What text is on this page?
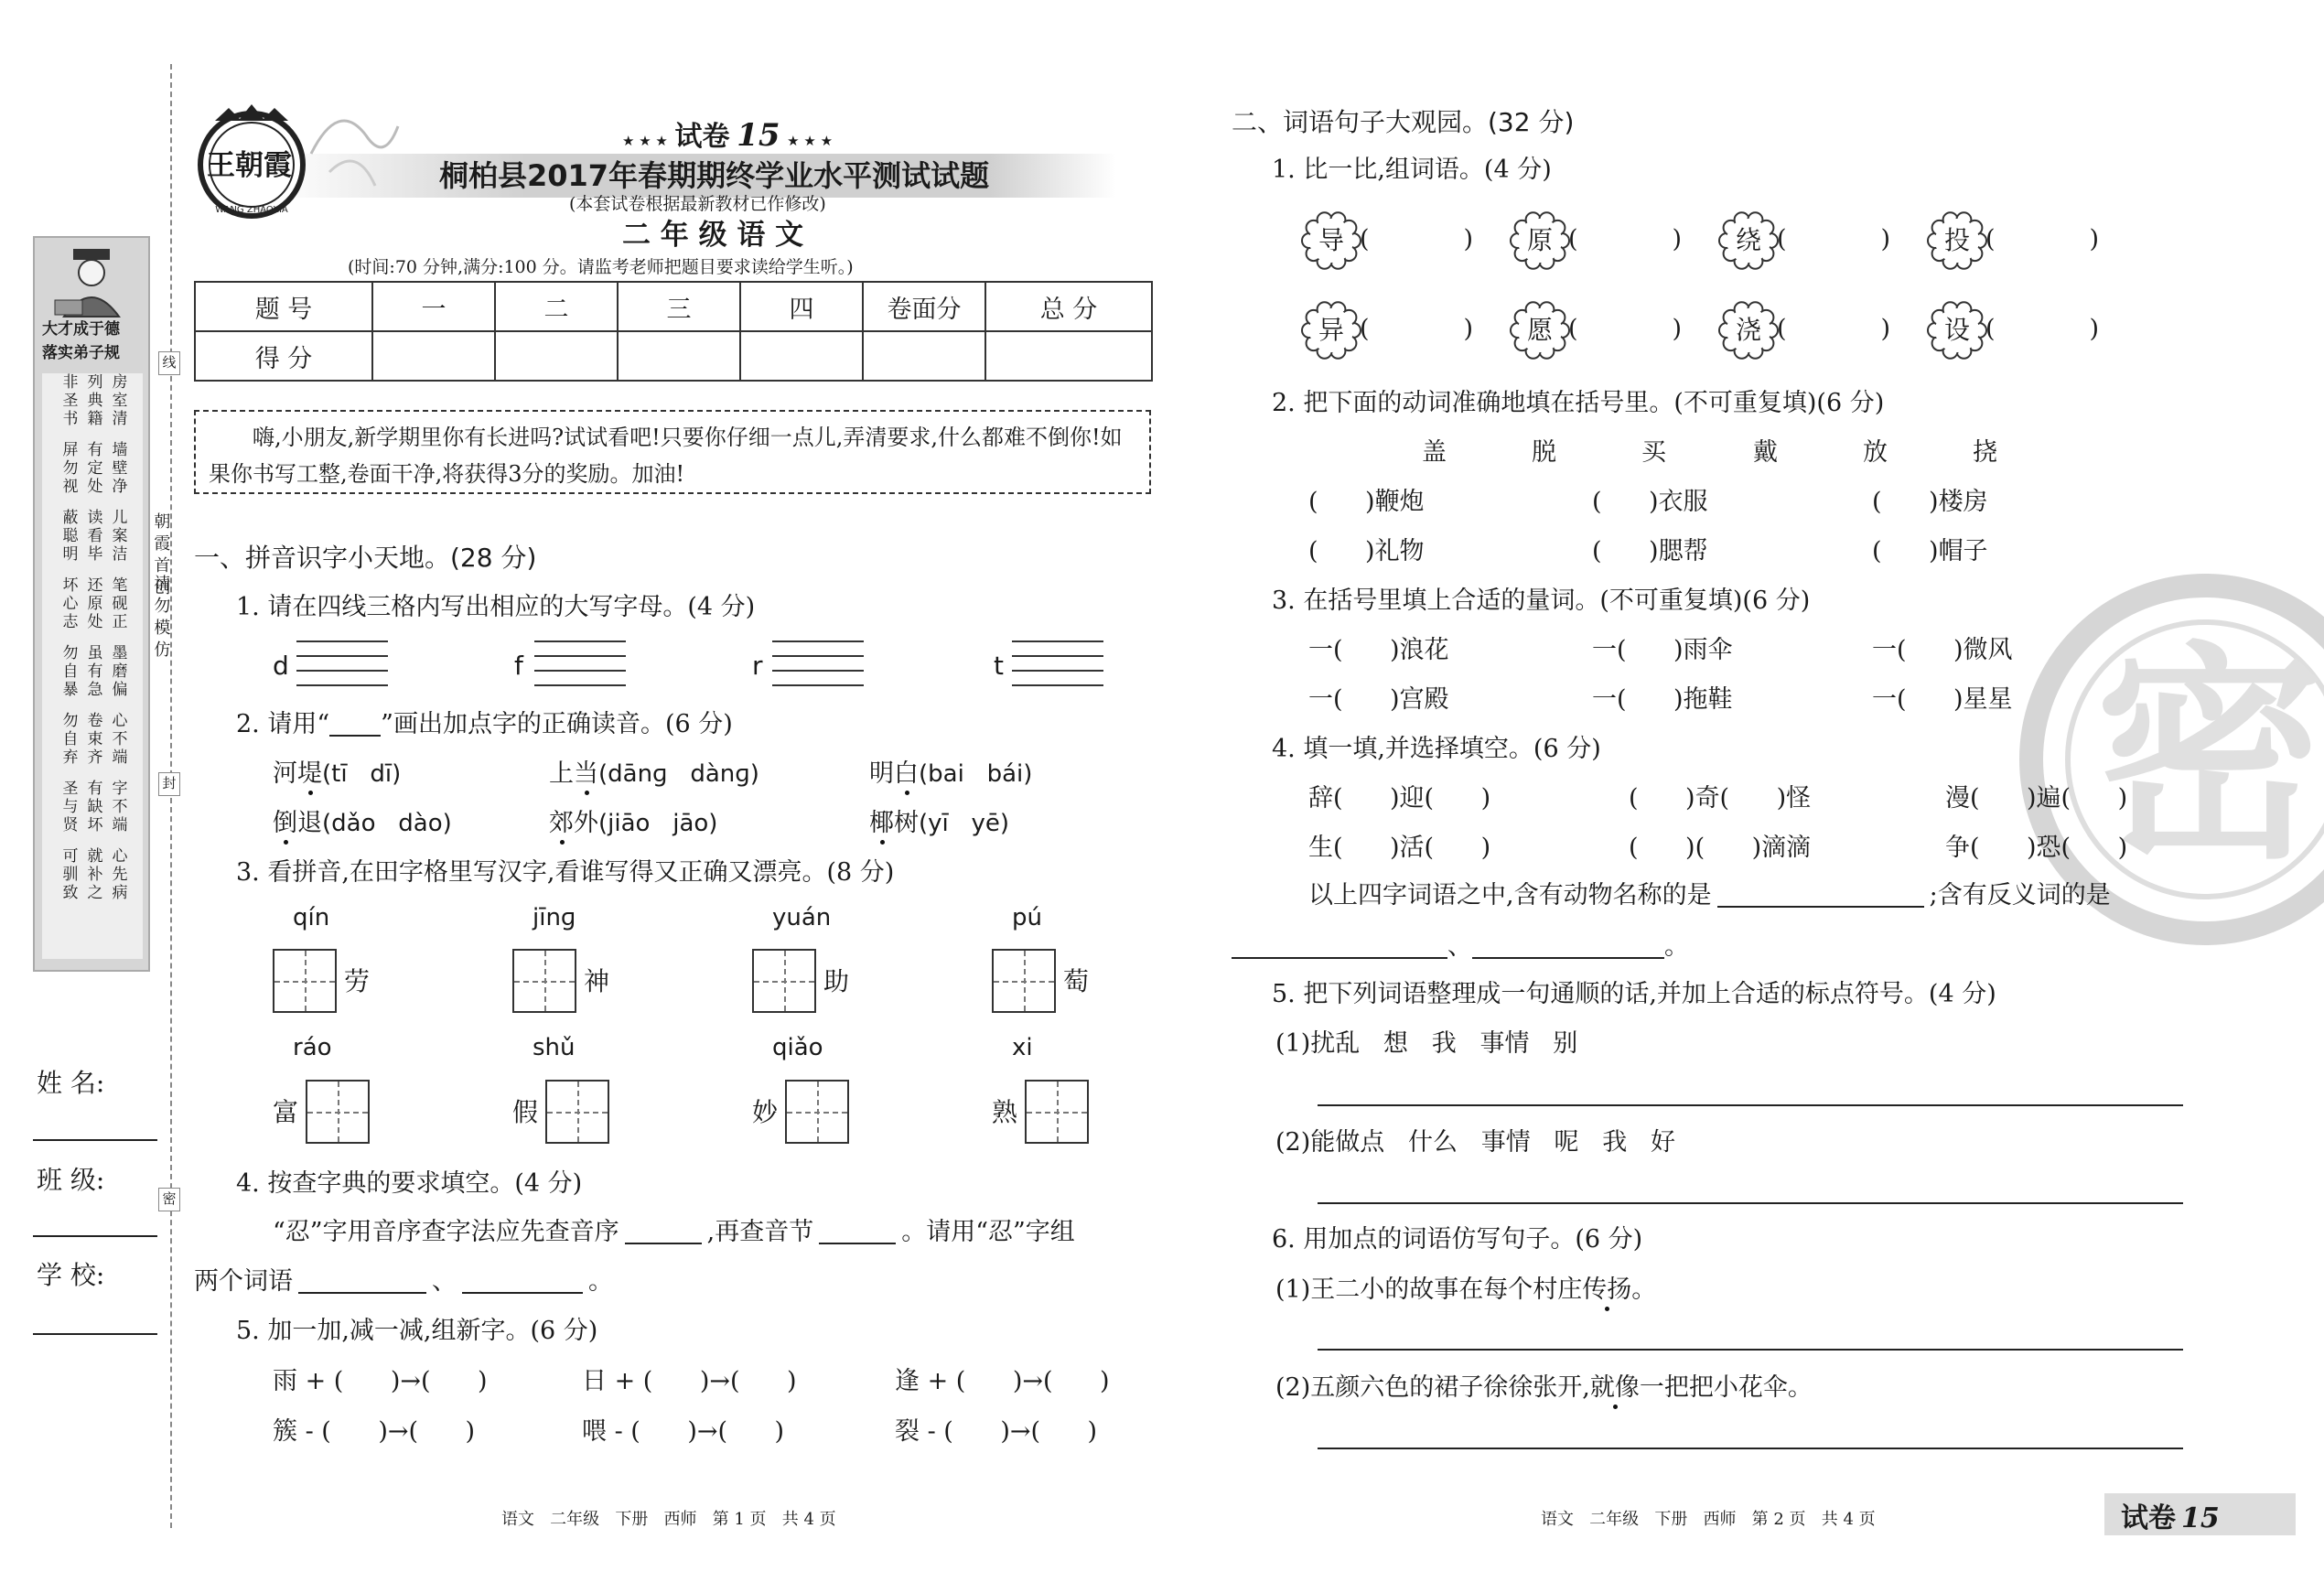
大才成于德
落实弟子规
房室清
列典籍
非圣书
墙壁净
有定处
屏勿视
儿案洁
读看毕
蔽聪明
笔砚正
还原处
坏心志
墨磨偏
虽有急
勿自暴
心不端
卷束齐
勿自弃
字不端
有缺坏
圣与贤
心先病
就补之
可驯致
姓 名:
班 级:
学 校:
线
封
密
朝霞首创
请勿模仿
WANG ZHAOXIA
王朝霞
★ ★ ★ 试卷 15 ★ ★ ★
桐柏县2017年春期期终学业水平测试试题
(本套试卷根据最新教材已作修改)
二 年 级 语 文
(时间:70 分钟,满分:100 分。请监考老师把题目要求读给学生听。)
题 号	一	二	三	四	卷面分	总 分
得 分						
嗨,小朋友,新学期里你有长进吗?试试看吧!只要你仔细一点儿,弄清要求,什么都难不倒你!如果你书写工整,卷面干净,将获得3分的奖励。加油!
一、拼音识字小天地。(28 分)
1. 请在四线三格内写出相应的大写字母。(4 分)
d	f	r	t
2. 请用“ ”画出加点字的正确读音。(6 分)
河堤(tī   dī)	上当(dānɡ   dànɡ)	明白(bai   bái)
倒退(dǎo   dào)	郊外(jiāo   jāo)	椰树(yī   yē)
3. 看拼音,在田字格里写汉字,看谁写得又正确又漂亮。(8 分)
qín
劳
jīnɡ
神
yuán
助
pú
萄
ráo
富
shǔ
假
qiǎo
妙
xi
熟
4. 按查字典的要求填空。(4 分)
“忍”字用音序查字法应先查音序	,再查音节	。请用“忍”字组
两个词语	、	。
5. 加一加,减一减,组新字。(6 分)
雨 + (      )→(      )	日 + (      )→(      )	逢 + (      )→(      )
簇 - (      )→(      )	喂 - (      )→(      )	裂 - (      )→(      )
密
二、词语句子大观园。(32 分)
1. 比一比,组词语。(4 分)
导 (            )	原 (            )	绕 (            )	投 (            )
异 (            )	愿 (            )	浇 (            )	设 (            )
2. 把下面的动词准确地填在括号里。(不可重复填)(6 分)
盖	脱	买	戴	放	挠
(      )鞭炮	(      )衣服	(      )楼房
(      )礼物	(      )腮帮	(      )帽子
3. 在括号里填上合适的量词。(不可重复填)(6 分)
一(      )浪花	一(      )雨伞	一(      )微风
一(      )宫殿	一(      )拖鞋	一(      )星星
4. 填一填,并选择填空。(6 分)
辞(      )迎(      )	(      )奇(      )怪	漫(      )遍(      )
生(      )活(      )	(      )(      )滴滴	争(      )恐(      )
以上四字词语之中,含有动物名称的是	;含有反义词的是
、	。
5. 把下列词语整理成一句通顺的话,并加上合适的标点符号。(4 分)
(1)扰乱   想   我   事情   别
(2)能做点   什么   事情   呢   我   好
6. 用加点的词语仿写句子。(6 分)
(1)王二小的故事在每个村庄传扬。
(2)五颜六色的裙子徐徐张开,就像一把把小花伞。
语文   二年级   下册   西师   第 1 页   共 4 页	语文   二年级   下册   西师   第 2 页   共 4 页	试卷 15
